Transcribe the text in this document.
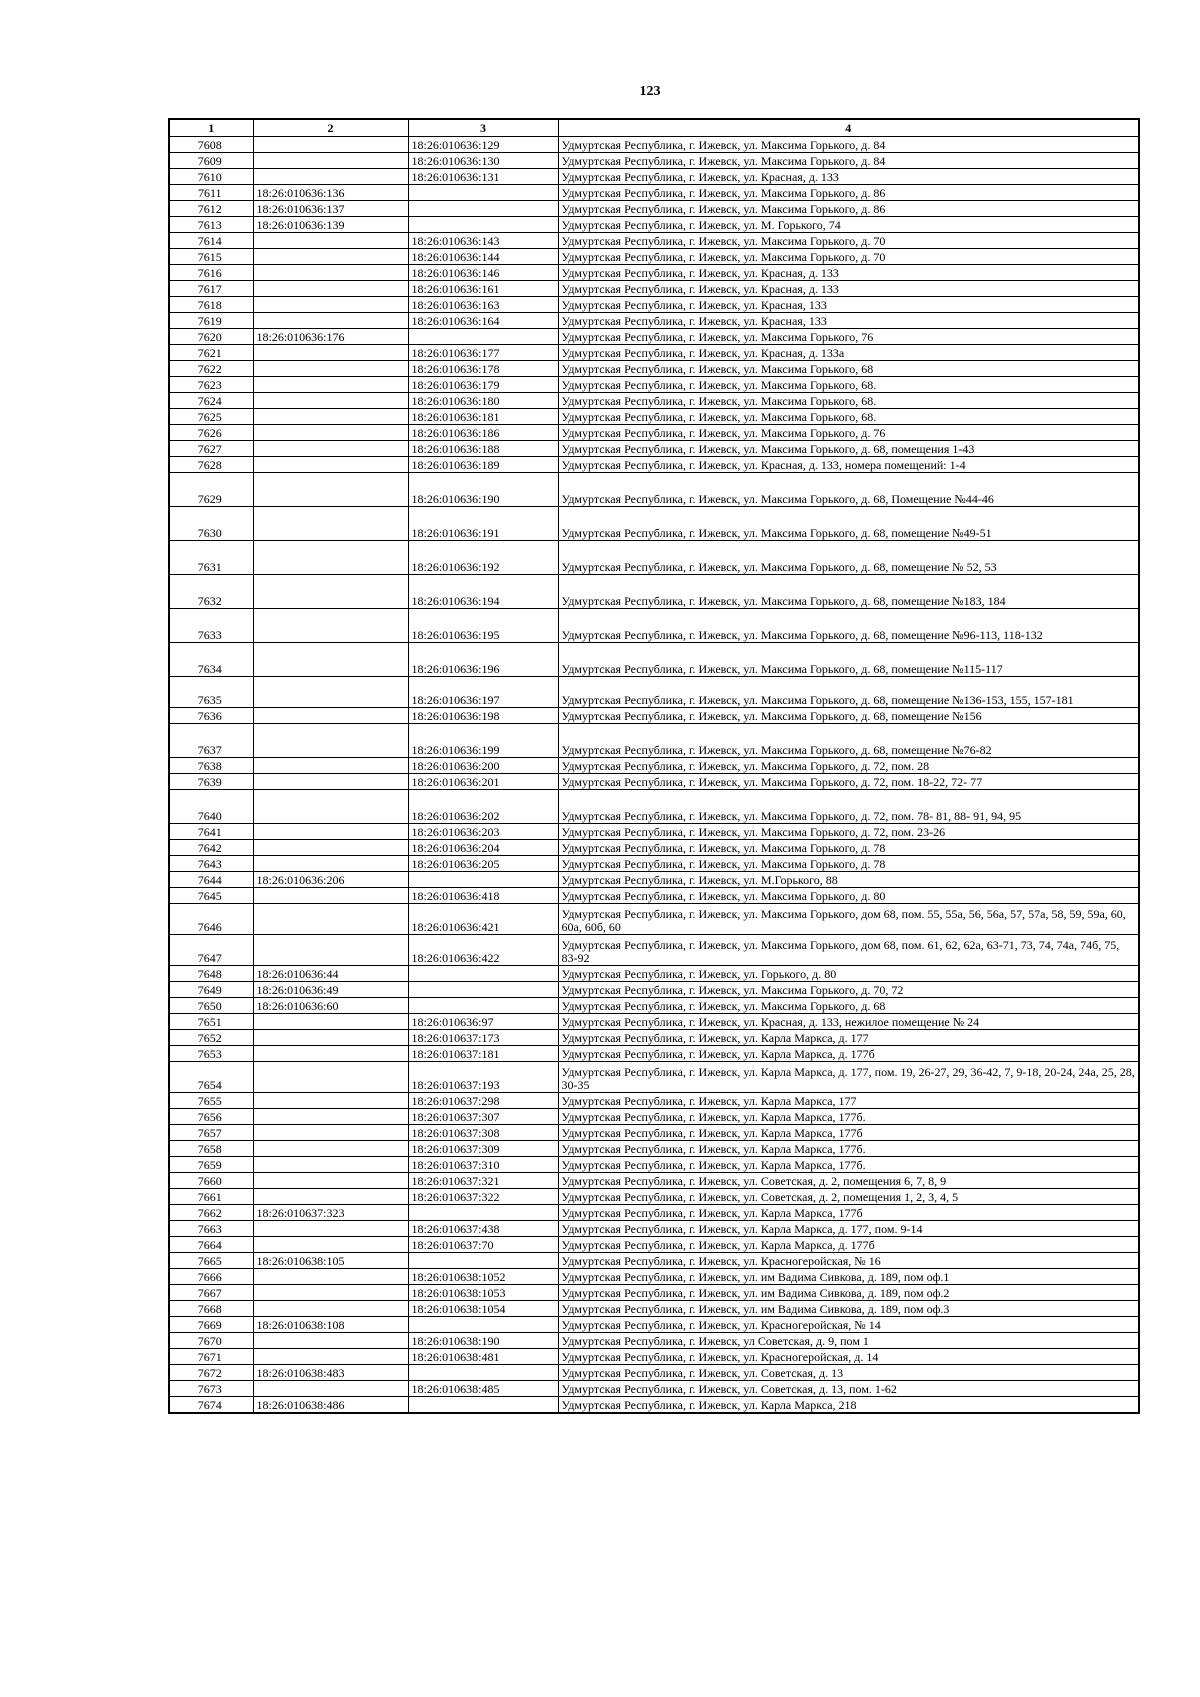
123
1	2	3	4
7608		18:26:010636:129	Удмуртская Республика, г. Ижевск, ул. Максима Горького, д. 84
7609		18:26:010636:130	Удмуртская Республика, г. Ижевск, ул. Максима Горького, д. 84
7610		18:26:010636:131	Удмуртская Республика, г. Ижевск, ул. Красная, д. 133
7611	18:26:010636:136		Удмуртская Республика, г. Ижевск, ул. Максима Горького, д. 86
7612	18:26:010636:137		Удмуртская Республика, г. Ижевск, ул. Максима Горького, д. 86
7613	18:26:010636:139		Удмуртская Республика, г. Ижевск, ул. М. Горького, 74
7614		18:26:010636:143	Удмуртская Республика, г. Ижевск, ул. Максима Горького, д. 70
7615		18:26:010636:144	Удмуртская Республика, г. Ижевск, ул. Максима Горького, д. 70
7616		18:26:010636:146	Удмуртская Республика, г. Ижевск, ул. Красная, д. 133
7617		18:26:010636:161	Удмуртская Республика, г. Ижевск, ул. Красная, д. 133
7618		18:26:010636:163	Удмуртская Республика, г. Ижевск, ул. Красная, 133
7619		18:26:010636:164	Удмуртская Республика, г. Ижевск, ул. Красная, 133
7620	18:26:010636:176		Удмуртская Республика, г. Ижевск, ул. Максима Горького, 76
7621		18:26:010636:177	Удмуртская Республика, г. Ижевск, ул. Красная, д. 133а
7622		18:26:010636:178	Удмуртская Республика, г. Ижевск, ул. Максима Горького, 68
7623		18:26:010636:179	Удмуртская Республика, г. Ижевск, ул. Максима Горького, 68.
7624		18:26:010636:180	Удмуртская Республика, г. Ижевск, ул. Максима Горького, 68.
7625		18:26:010636:181	Удмуртская Республика, г. Ижевск, ул. Максима Горького, 68.
7626		18:26:010636:186	Удмуртская Республика, г. Ижевск, ул. Максима Горького, д. 76
7627		18:26:010636:188	Удмуртская Республика, г. Ижевск, ул. Максима Горького, д. 68, помещения 1-43
7628		18:26:010636:189	Удмуртская Республика, г. Ижевск, ул. Красная, д. 133, номера помещений: 1-4
7629		18:26:010636:190	Удмуртская Республика, г. Ижевск, ул. Максима Горького, д. 68, Помещение №44-46
7630		18:26:010636:191	Удмуртская Республика, г. Ижевск, ул. Максима Горького, д. 68, помещение №49-51
7631		18:26:010636:192	Удмуртская Республика, г. Ижевск, ул. Максима Горького, д. 68, помещение № 52, 53
7632		18:26:010636:194	Удмуртская Республика, г. Ижевск, ул. Максима Горького, д. 68, помещение №183, 184
7633		18:26:010636:195	Удмуртская Республика, г. Ижевск, ул. Максима Горького, д. 68, помещение №96-113, 118-132
7634		18:26:010636:196	Удмуртская Республика, г. Ижевск, ул. Максима Горького, д. 68, помещение №115-117
7635		18:26:010636:197	Удмуртская Республика, г. Ижевск, ул. Максима Горького, д. 68, помещение №136-153, 155, 157-181
7636		18:26:010636:198	Удмуртская Республика, г. Ижевск, ул. Максима Горького, д. 68, помещение №156
7637		18:26:010636:199	Удмуртская Республика, г. Ижевск, ул. Максима Горького, д. 68, помещение №76-82
7638		18:26:010636:200	Удмуртская Республика, г. Ижевск, ул. Максима Горького, д. 72, пом. 28
7639		18:26:010636:201	Удмуртская Республика, г. Ижевск, ул. Максима Горького, д. 72, пом. 18-22, 72- 77
7640		18:26:010636:202	Удмуртская Республика, г. Ижевск, ул. Максима Горького, д. 72, пом. 78- 81, 88- 91, 94, 95
7641		18:26:010636:203	Удмуртская Республика, г. Ижевск, ул. Максима Горького, д. 72, пом. 23-26
7642		18:26:010636:204	Удмуртская Республика, г. Ижевск, ул. Максима Горького, д. 78
7643		18:26:010636:205	Удмуртская Республика, г. Ижевск, ул. Максима Горького, д. 78
7644	18:26:010636:206		Удмуртская Республика, г. Ижевск, ул. М.Горького, 88
7645		18:26:010636:418	Удмуртская Республика, г. Ижевск, ул. Максима Горького, д. 80
7646		18:26:010636:421	Удмуртская Республика, г. Ижевск, ул. Максима Горького, дом 68, пом. 55, 55а, 56, 56а, 57, 57а, 58, 59, 59а, 60, 60а, 60б, 60
7647		18:26:010636:422	Удмуртская Республика, г. Ижевск, ул. Максима Горького, дом 68, пом. 61, 62, 62а, 63-71, 73, 74, 74а, 74б, 75, 83-92
7648	18:26:010636:44		Удмуртская Республика, г. Ижевск, ул. Горького, д. 80
7649	18:26:010636:49		Удмуртская Республика, г. Ижевск, ул. Максима Горького, д. 70, 72
7650	18:26:010636:60		Удмуртская Республика, г. Ижевск, ул. Максима Горького, д. 68
7651		18:26:010636:97	Удмуртская Республика, г. Ижевск, ул. Красная, д. 133, нежилое помещение № 24
7652		18:26:010637:173	Удмуртская Республика, г. Ижевск, ул. Карла Маркса, д. 177
7653		18:26:010637:181	Удмуртская Республика, г. Ижевск, ул. Карла Маркса, д. 177б
7654		18:26:010637:193	Удмуртская Республика, г. Ижевск, ул. Карла Маркса, д. 177, пом. 19, 26-27, 29, 36-42, 7, 9-18, 20-24, 24а, 25, 28, 30-35
7655		18:26:010637:298	Удмуртская Республика, г. Ижевск, ул. Карла Маркса, 177
7656		18:26:010637:307	Удмуртская Республика, г. Ижевск, ул. Карла Маркса, 177б.
7657		18:26:010637:308	Удмуртская Республика, г. Ижевск, ул. Карла Маркса, 177б
7658		18:26:010637:309	Удмуртская Республика, г. Ижевск, ул. Карла Маркса, 177б.
7659		18:26:010637:310	Удмуртская Республика, г. Ижевск, ул. Карла Маркса, 177б.
7660		18:26:010637:321	Удмуртская Республика, г. Ижевск, ул. Советская, д. 2, помещения 6, 7, 8, 9
7661		18:26:010637:322	Удмуртская Республика, г. Ижевск, ул. Советская, д. 2, помещения 1, 2, 3, 4, 5
7662	18:26:010637:323		Удмуртская Республика, г. Ижевск, ул. Карла Маркса, 177б
7663		18:26:010637:438	Удмуртская Республика, г. Ижевск, ул. Карла Маркса, д. 177, пом. 9-14
7664		18:26:010637:70	Удмуртская Республика, г. Ижевск, ул. Карла Маркса, д. 177б
7665	18:26:010638:105		Удмуртская Республика, г. Ижевск, ул. Красногеройская, № 16
7666		18:26:010638:1052	Удмуртская Республика, г. Ижевск, ул. им Вадима Сивкова, д. 189, пом оф.1
7667		18:26:010638:1053	Удмуртская Республика, г. Ижевск, ул. им Вадима Сивкова, д. 189, пом оф.2
7668		18:26:010638:1054	Удмуртская Республика, г. Ижевск, ул. им Вадима Сивкова, д. 189, пом оф.3
7669	18:26:010638:108		Удмуртская Республика, г. Ижевск, ул. Красногеройская, № 14
7670		18:26:010638:190	Удмуртская Республика, г. Ижевск, ул Советская, д. 9, пом 1
7671		18:26:010638:481	Удмуртская Республика, г. Ижевск, ул. Красногеройская, д. 14
7672	18:26:010638:483		Удмуртская Республика, г. Ижевск, ул. Советская, д. 13
7673		18:26:010638:485	Удмуртская Республика, г. Ижевск, ул. Советская, д. 13, пом. 1-62
7674	18:26:010638:486		Удмуртская Республика, г. Ижевск, ул. Карла Маркса, 218
